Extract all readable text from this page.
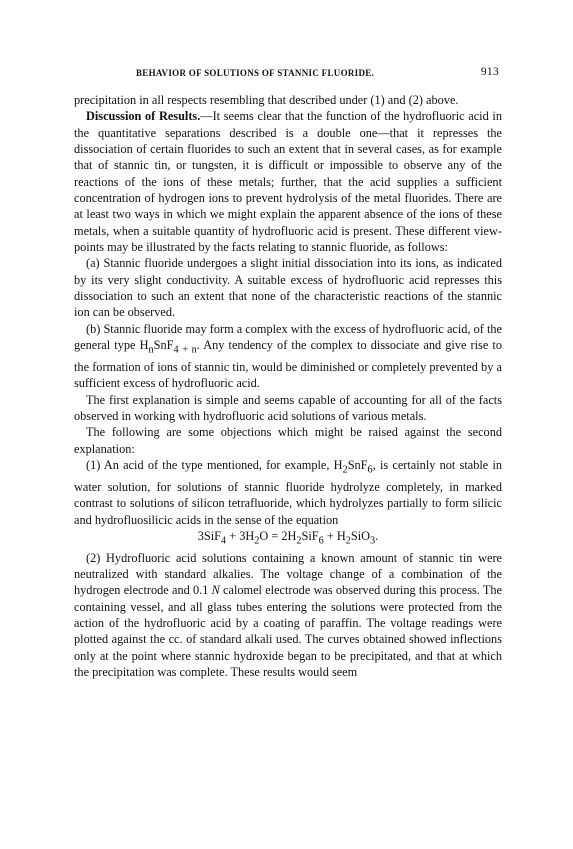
BEHAVIOR OF SOLUTIONS OF STANNIC FLUORIDE.	913

precipitation in all respects resembling that described under (1) and (2) above.

Discussion of Results.—It seems clear that the function of the hydrofluoric acid in the quantitative separations described is a double one—that it represses the dissociation of certain fluorides to such an extent that in several cases, as for example that of stannic tin, or tungsten, it is difficult or impossible to observe any of the reactions of the ions of these metals; further, that the acid supplies a sufficient concentration of hydrogen ions to prevent hydrolysis of the metal fluorides. There are at least two ways in which we might explain the apparent absence of the ions of these metals, when a suitable quantity of hydrofluoric acid is present. These different view-points may be illustrated by the facts relating to stannic fluoride, as follows:

(a) Stannic fluoride undergoes a slight initial dissociation into its ions, as indicated by its very slight conductivity. A suitable excess of hydrofluoric acid represses this dissociation to such an extent that none of the characteristic reactions of the stannic ion can be observed.

(b) Stannic fluoride may form a complex with the excess of hydrofluoric acid, of the general type $H_nSnF_{4 + n}$. Any tendency of the complex to dissociate and give rise to the formation of ions of stannic tin, would be diminished or completely prevented by a sufficient excess of hydrofluoric acid.

The first explanation is simple and seems capable of accounting for all of the facts observed in working with hydrofluoric acid solutions of various metals.

The following are some objections which might be raised against the second explanation:

(1) An acid of the type mentioned, for example, $H_2SnF_6$, is certainly not stable in water solution, for solutions of stannic fluoride hydrolyze completely, in marked contrast to solutions of silicon tetrafluoride, which hydrolyzes partially to form silicic and hydrofluosilicic acids in the sense of the equation

$3SiF_4 + 3H_2O = 2H_2SiF_6 + H_2SiO_3$.

(2) Hydrofluoric acid solutions containing a known amount of stannic tin were neutralized with standard alkalies. The voltage change of a combination of the hydrogen electrode and 0.1 N calomel electrode was observed during this process. The containing vessel, and all glass tubes entering the solutions were protected from the action of the hydrofluoric acid by a coating of paraffin. The voltage readings were plotted against the cc. of standard alkali used. The curves obtained showed inflections only at the point where stannic hydroxide began to be precipitated, and that at which the precipitation was complete. These results would seem
